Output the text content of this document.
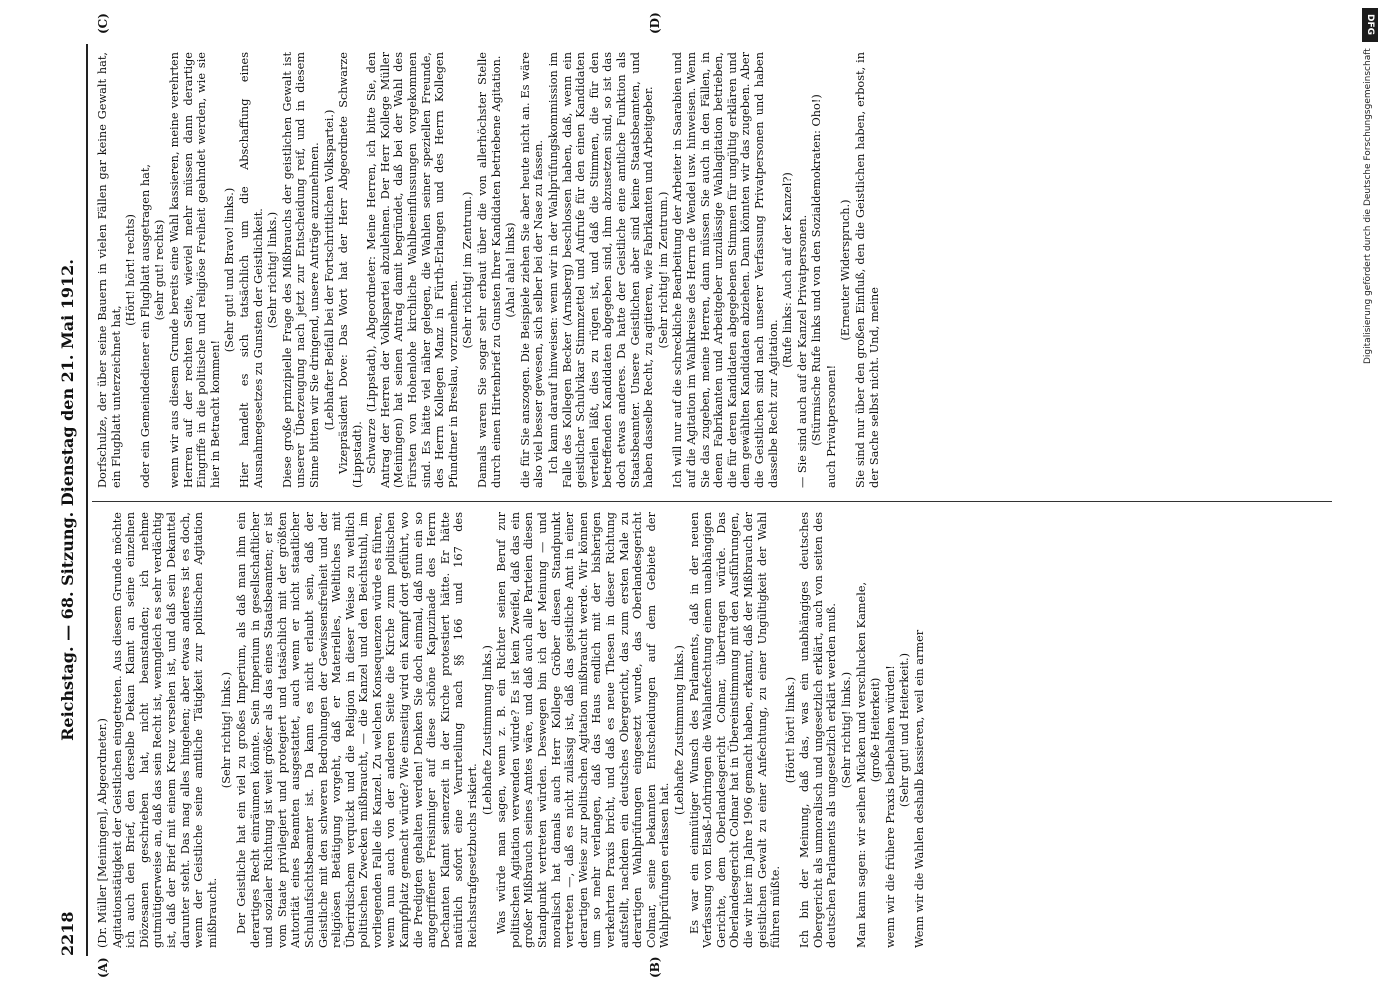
2218
Reichstag. — 68. Sitzung. Dienstag den 21. Mai 1912.
(A)	(B)
(C)	(D)

(Dr. Müller [Meiningen], Abgeordneter.) Agitationstätigkeit der Geistlichen eingetreten. Aus diesem Grunde möchte ich auch den Brief, den derselbe Dekan Klamt an seine einzelnen Diözesanen geschrieben hat, nicht beanstanden; ich nehme gutmütigerweise an, daß das sein Recht ist, wenngleich es sehr verdächtig ist, daß der Brief mit einem Kreuz versehen ist, und daß sein Dekanttel darunter steht. Das mag alles hingehen; aber etwas anderes ist es doch, wenn der Geistliche seine amtliche Tätigkeit zur politischen Agitation mißbraucht.

(Sehr richtig! links.) Der Geistliche hat ein viel zu großes Imperium, als daß man ihm ein derartiges Recht einräumen könnte. Sein Imperium in gesellschaftlicher und sozialer Richtung ist weit größer als das eines Staatsbeamten; er ist vom Staate privilegiert und protegiert und tatsächlich mit der größten Autorität eines Beamten ausgestattet, auch wenn er nicht staatlicher Schulaufsichtsbeamter ist. Da kann es nicht erlaubt sein, daß der Geistliche mit den schweren Bedrohungen der Gewissensfreiheit und der religiösen Betätigung vorgeht, daß er Materielles, Weltliches mit Überirdischem verquickt und die Religion in dieser Weise zu weltlich politischen Zwecken mißbraucht, — die Kanzel und den Beichtstuhl, im vorliegenden Falle die Kanzel. Zu welchen Konsequenzen würde es führen, wenn nun auch von der anderen Seite die Kirche zum politischen Kampfplatz gemacht würde? Wie einseitig wird ein Kampf dort geführt, wo die Predigten gehalten werden! Denken Sie doch einmal, daß nun ein so angegriffener Freisinniger auf diese schöne Kapuzinade des Herrn Dechanten Klamt seinerzeit in der Kirche protestiert hätte. Er hätte natürlich sofort eine Verurteilung nach §§ 166 und 167 des Reichsstrafgesetzbuchs riskiert.

(Lebhafte Zustimmung links.) Was würde man sagen, wenn z. B. ein Richter seinen Beruf zur politischen Agitation verwenden würde? Es ist kein Zweifel, daß das ein großer Mißbrauch seines Amtes wäre, und daß auch alle Parteien diesen Standpunkt vertreten würden. Deswegen bin ich der Meinung — und moralisch hat damals auch Herr Kollege Gröber diesen Standpunkt vertreten —, daß es nicht zulässig ist, daß das geistliche Amt in einer derartigen Weise zur politischen Agitation mißbraucht werde. Wir können um so mehr verlangen, daß das Haus endlich mit der bisherigen verkehrten Praxis bricht, und daß es neue Thesen in dieser Richtung aufstellt, nachdem ein deutsches Obergericht, das zum ersten Male zu derartigen Wahlprüfungen eingesetzt wurde, das Oberlandesgericht Colmar, seine bekannten Entscheidungen auf dem Gebiete der Wahlprüfungen erlassen hat.

(Lebhafte Zustimmung links.) Es war ein einmütiger Wunsch des Parlaments, daß in der neuen Verfassung von Elsaß-Lothringen die Wahlanfechtung einem unabhängigen Gerichte, dem Oberlandesgericht Colmar, übertragen würde. Das Oberlandesgericht Colmar hat in Übereinstimmung mit den Ausführungen, die wir hier im Jahre 1906 gemacht haben, erkannt, daß der Mißbrauch der geistlichen Gewalt zu einer Anfechtung, zu einer Ungültigkeit der Wahl führen müßte.

(Hört! hört! links.) Ich bin der Meinung, daß das, was ein unabhängiges deutsches Obergericht als unmoralisch und ungesetzlich erklärt, auch von seiten des deutschen Parlaments als ungesetzlich erklärt werden muß. (Sehr richtig! links.) Man kann sagen: wir seihen Mücken und verschlucken Kamele, (große Heiterkeit) wenn wir die frühere Praxis beibehalten würden! (Sehr gut! und Heiterkeit.) Wenn wir die Wahlen deshalb kassieren, weil ein armer

Dorfschulze, der über seine Bauern in vielen Fällen gar keine Gewalt hat, ein Flugblatt unterzeichnet hat,

(Hört! hört! rechts) oder ein Gemeindediener ein Flugblatt ausgetragen hat, (sehr gut! rechts) wenn wir aus diesem Grunde bereits eine Wahl kassieren, meine verehrten Herren auf der rechten Seite, wieviel mehr müssen dann derartige Eingriffe in die politische und religiöse Freiheit geahndet werden, wie sie hier in Betracht kommen!

(Sehr gut! und Bravo! links.) Hier handelt es sich tatsächlich um die Abschaffung eines Ausnahmegesetzes zu Gunsten der Geistlichkeit. (Sehr richtig! links.) Diese große prinzipielle Frage des Mißbrauchs der geistlichen Gewalt ist unserer Überzeugung nach jetzt zur Entscheidung reif, und in diesem Sinne bitten wir Sie dringend, unsere Anträge anzunehmen. (Lebhafter Beifall bei der Fortschrittlichen Volkspartei.) Vizepräsident Dove: Das Wort hat der Herr Abgeordnete Schwarze (Lippstadt). Schwarze (Lippstadt), Abgeordneter: Meine Herren, ich bitte Sie, den Antrag der Herren der Volkspartei abzulehnen. Der Herr Kollege Müller (Meiningen) hat seinen Antrag damit begründet, daß bei der Wahl des Fürsten von Hohenlohe kirchliche Wahlbeeinflussungen vorgekommen sind. Es hätte viel näher gelegen, die Wahlen seiner speziellen Freunde, des Herrn Kollegen Manz in Fürth-Erlangen und des Herrn Kollegen Pfundtner in Breslau, vorzunehmen.

(Sehr richtig! im Zentrum.) Damals waren Sie sogar sehr erbaut über die von allerhöchster Stelle durch einen Hirtenbrief zu Gunsten Ihrer Kandidaten betriebene Agitation. (Aha! aha! links) die für Sie anszogen. Die Beispiele ziehen Sie aber heute nicht an. Es wäre also viel besser gewesen, sich selber bei der Nase zu fassen. Ich kann darauf hinweisen: wenn wir in der Wahlprüfungskommission im Falle des Kollegen Becker (Arnsberg) beschlossen haben, daß, wenn ein geistlicher Schulvikar Stimmzettel und Aufrufe für den einen Kandidaten verteilen läßt, dies zu rügen ist, und daß die Stimmen, die für den betreffenden Kandidaten abgegeben sind, ihm abzusetzen sind, so ist das doch etwas anderes. Da hatte der Geistliche eine amtliche Funktion als Staatsbeamter. Unsere Geistlichen aber sind keine Staatsbeamten, und haben dasselbe Recht, zu agitieren, wie Fabrikanten und Arbeitgeber. (Sehr richtig! im Zentrum.) Ich will nur auf die schreckliche Bearbeitung der Arbeiter in Saarabien und auf die Agitation im Wahlkreise des Herrn de Wendel usw. hinweisen. Wenn Sie das zugeben, meine Herren, dann müssen Sie auch in den Fällen, in denen Fabrikanten und Arbeitgeber unzulässige Wahlagitation betrieben, die für deren Kandidaten abgegebenen Stimmen für ungültig erklären und dem gewählten Kandidaten abziehen. Dann könnten wir das zugeben. Aber die Geistlichen sind nach unserer Verfassung Privatpersonen und haben dasselbe Recht zur Agitation.

(Rufe links: Auch auf der Kanzel?) — Sie sind auch auf der Kanzel Privatpersonen. (Stürmische Rufe links und von den Sozialdemokraten: Oho!) auch Privatpersonen!

(Erneuter Widerspruch.) Sie sind nur über den großen Einfluß, den die Geistlichen haben, erbost, in der Sache selbst nicht. Und, meine

DFG
Digitalisierung gefördert durch die Deutsche Forschungsgemeinschaft
